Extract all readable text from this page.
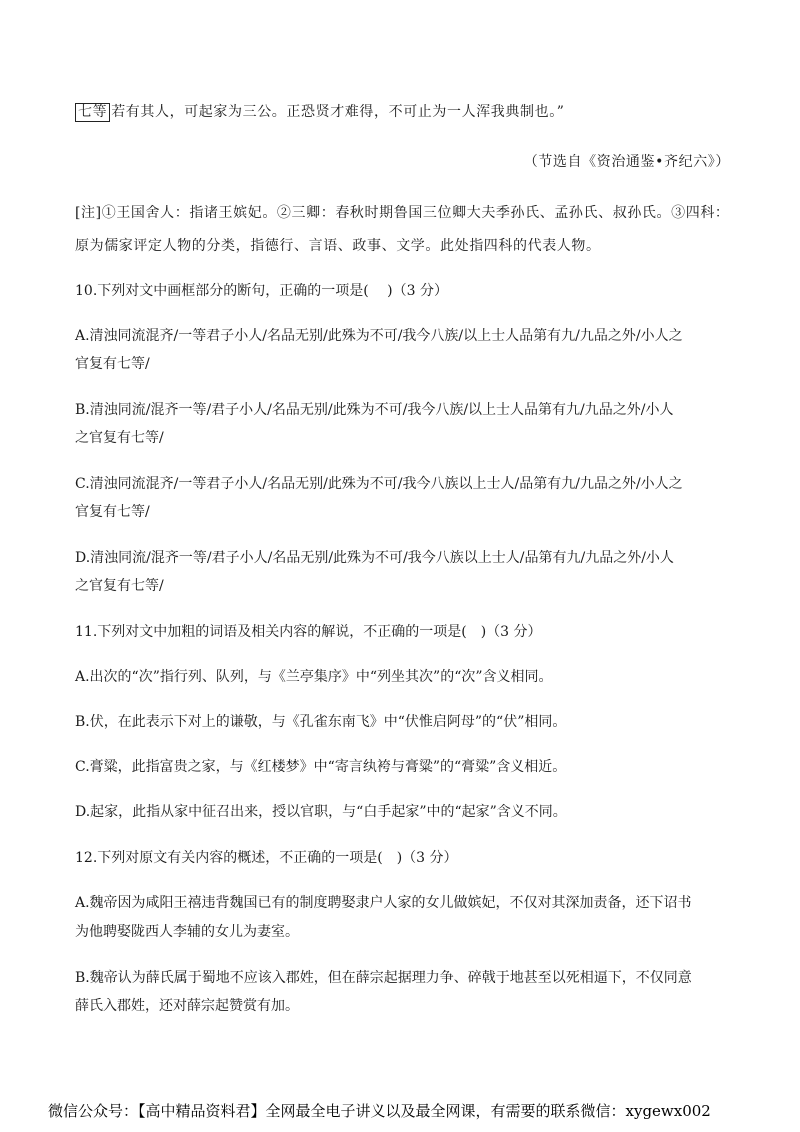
七等 若有其人，可起家为三公。正恐贤才难得，不可止为一人浑我典制也。”
（节选自《资治通鉴•齐纪六》）
[注]①王国舍人：指诸王嫔妃。②三卿：春秋时期鲁国三位卿大夫季孙氏、孟孙氏、叔孙氏。③四科：
原为儒家评定人物的分类，指德行、言语、政事、文学。此处指四科的代表人物。
10.下列对文中画框部分的断句，正确的一项是(　 )（3 分）
A.清浊同流混齐/一等君子小人/名品无别/此殊为不可/我今八族/以上士人品第有九/九品之外/小人之
官复有七等/
B.清浊同流/混齐一等/君子小人/名品无别/此殊为不可/我今八族/以上士人品第有九/九品之外/小人
之官复有七等/
C.清浊同流混齐/一等君子小人/名品无别/此殊为不可/我今八族以上士人/品第有九/九品之外/小人之
官复有七等/
D.清浊同流/混齐一等/君子小人/名品无别/此殊为不可/我今八族以上士人/品第有九/九品之外/小人
之官复有七等/
11.下列对文中加粗的词语及相关内容的解说，不正确的一项是(　)（3 分）
A.出次的“次”指行列、队列，与《兰亭集序》中“列坐其次”的“次”含义相同。
B.伏，在此表示下对上的谦敬，与《孔雀东南飞》中“伏惟启阿母”的“伏”相同。
C.膏粱，此指富贵之家，与《红楼梦》中“寄言纨袴与膏粱”的“膏粱”含义相近。
D.起家，此指从家中征召出来，授以官职，与“白手起家”中的“起家”含义不同。
12.下列对原文有关内容的概述，不正确的一项是(　)（3 分）
A.魏帝因为咸阳王禧违背魏国已有的制度聘娶隶户人家的女儿做嫔妃，不仅对其深加责备，还下诏书
为他聘娶陇西人李辅的女儿为妻室。
B.魏帝认为薛氏属于蜀地不应该入郡姓，但在薛宗起据理力争、碎戟于地甚至以死相逼下，不仅同意
薛氏入郡姓，还对薛宗起赞赏有加。
微信公众号：【高中精品资料君】全网最全电子讲义以及最全网课，有需要的联系微信：xygewx002
